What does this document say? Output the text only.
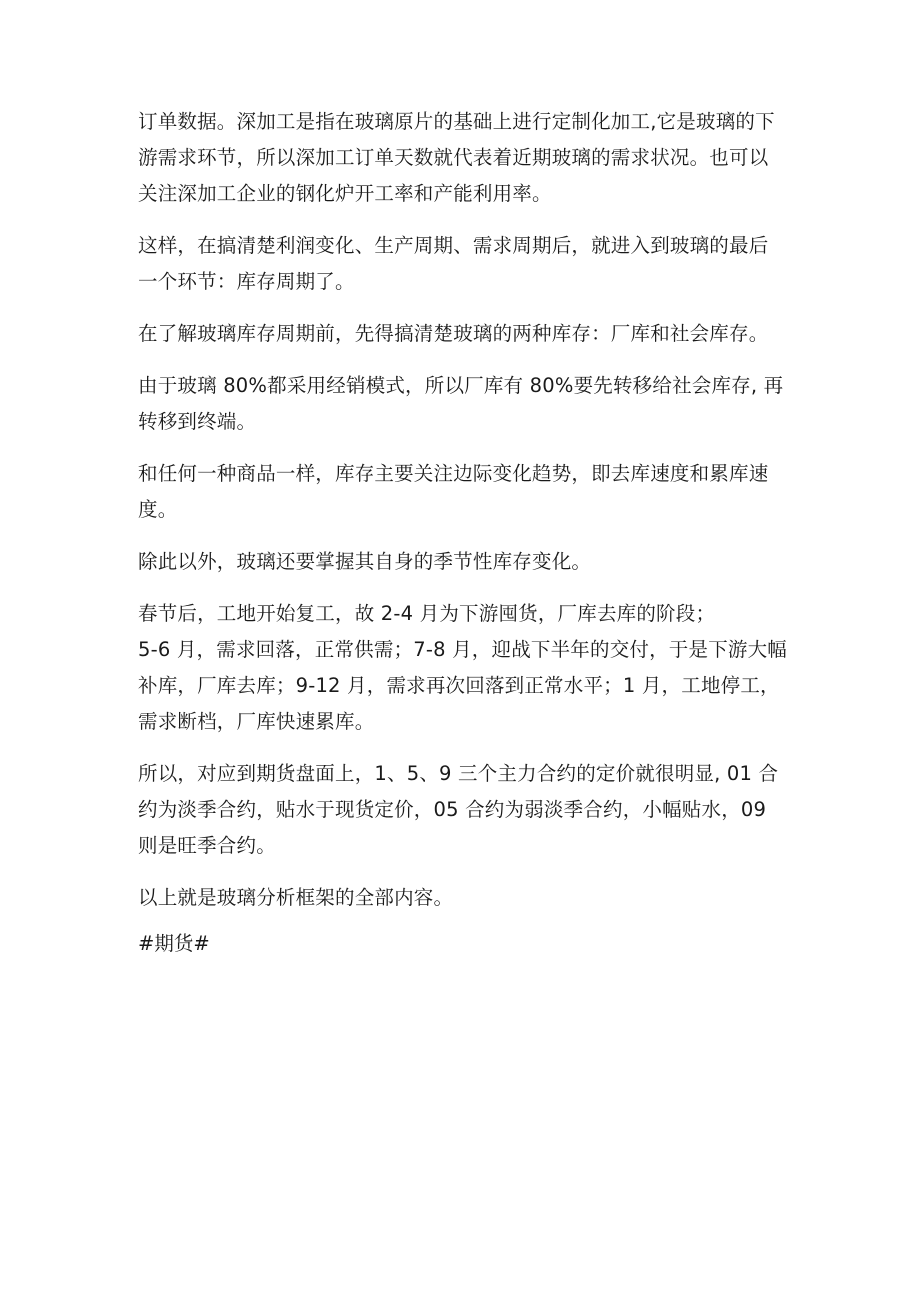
订单数据。深加工是指在玻璃原片的基础上进行定制化加工,它是玻璃的下
游需求环节，所以深加工订单天数就代表着近期玻璃的需求状况。也可以
关注深加工企业的钢化炉开工率和产能利用率。

这样，在搞清楚利润变化、生产周期、需求周期后，就进入到玻璃的最后
一个环节：库存周期了。

在了解玻璃库存周期前，先得搞清楚玻璃的两种库存：厂库和社会库存。

由于玻璃 80%都采用经销模式，所以厂库有 80%要先转移给社会库存, 再
转移到终端。

和任何一种商品一样，库存主要关注边际变化趋势，即去库速度和累库速
度。

除此以外，玻璃还要掌握其自身的季节性库存变化。

春节后，工地开始复工，故 2-4 月为下游囤货，厂库去库的阶段；

5-6 月，需求回落，正常供需；7-8 月，迎战下半年的交付，于是下游大幅
补库，厂库去库；9-12 月，需求再次回落到正常水平；1 月，工地停工，
需求断档，厂库快速累库。

所以，对应到期货盘面上，1、5、9 三个主力合约的定价就很明显, 01 合
约为淡季合约，贴水于现货定价，05 合约为弱淡季合约，小幅贴水，09
则是旺季合约。

以上就是玻璃分析框架的全部内容。

#期货#
